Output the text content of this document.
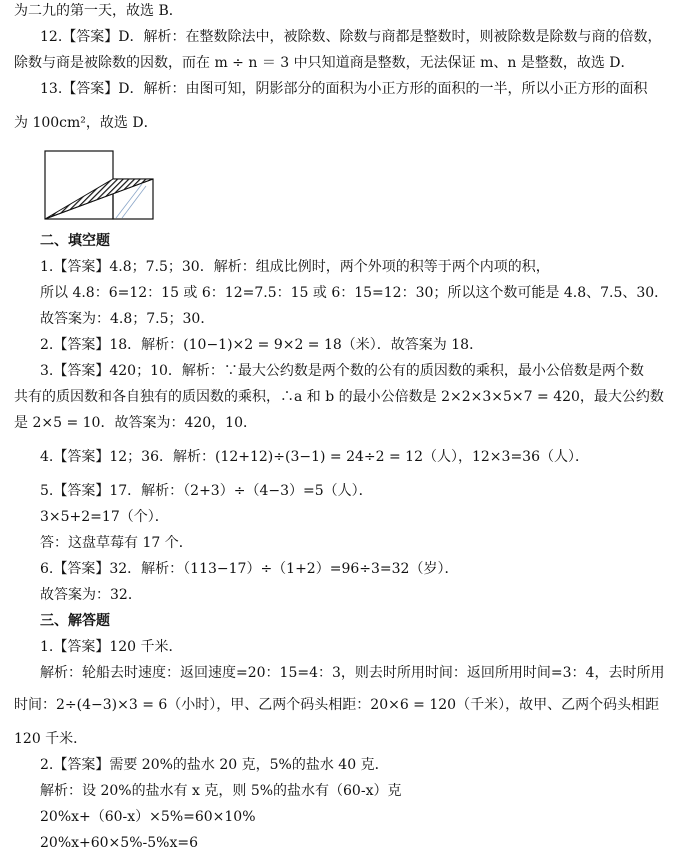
为二九的第一天，故选 B．
12.【答案】D．解析：在整数除法中，被除数、除数与商都是整数时，则被除数是除数与商的倍数，
除数与商是被除数的因数，而在 m ÷ n ＝ 3 中只知道商是整数，无法保证 m、n 是整数，故选 D．
13.【答案】D．解析：由图可知，阴影部分的面积为小正方形的面积的一半，所以小正方形的面积
为 100cm²，故选 D．
二、填空题
1.【答案】4.8；7.5；30．解析：组成比例时，两个外项的积等于两个内项的积，
所以 4.8：6=12：15 或 6：12=7.5：15 或 6：15=12：30；所以这个数可能是 4.8、7.5、30．
故答案为：4.8；7.5；30．
2.【答案】18．解析：(10−1)×2 = 9×2 = 18（米）．故答案为 18．
3.【答案】420；10．解析：∵最大公约数是两个数的公有的质因数的乘积，最小公倍数是两个数
共有的质因数和各自独有的质因数的乘积，∴a 和 b 的最小公倍数是 2×2×3×5×7 = 420，最大公约数
是 2×5 = 10．故答案为：420，10．
4.【答案】12；36．解析：(12+12)÷(3−1) = 24÷2 = 12（人），12×3=36（人）．
5.【答案】17．解析：（2+3）÷（4−3）=5（人）．
3×5+2=17（个）．
答：这盘草莓有 17 个．
6.【答案】32．解析：（113−17）÷（1+2）=96÷3=32（岁）．
故答案为：32．
三、解答题
1.【答案】120 千米．
解析：轮船去时速度：返回速度=20：15=4：3，则去时所用时间：返回所用时间=3：4，去时所用
时间：2÷(4−3)×3 = 6（小时），甲、乙两个码头相距：20×6 = 120（千米），故甲、乙两个码头相距
120 千米．
2.【答案】需要 20%的盐水 20 克，5%的盐水 40 克．
解析：设 20%的盐水有 x 克，则 5%的盐水有（60-x）克
20%x+（60-x）×5%=60×10%
20%x+60×5%-5%x=6
